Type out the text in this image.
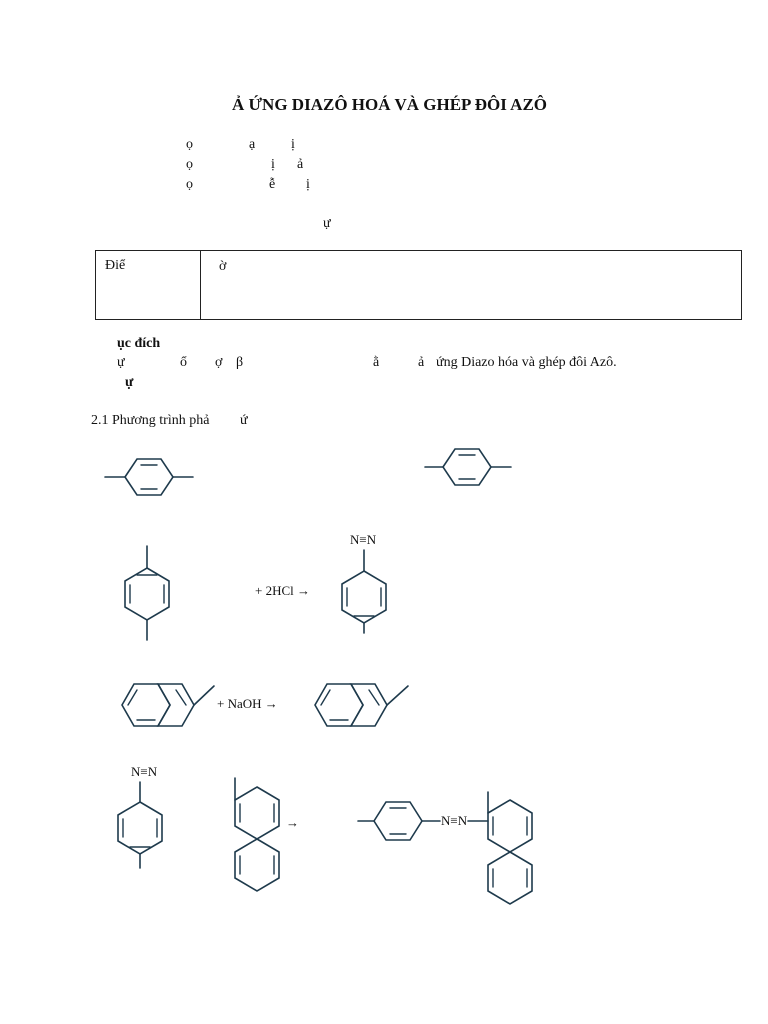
Ả ỨNG DIAZÔ HOÁ VÀ GHÉP ĐÔI AZÔ
ọ	ạ	ị
ọ	ị ả
ọ	ễ ị
ự
Điể	ờ
ục đích
ự	ổ ợ β	ằ	ả ứng Diazo hóa và ghép đôi Azô.
ự
2.1 Phương trình phả ứ
+ 2HCl →
N≡N
+ NaOH →
N≡N
→	N≡N
